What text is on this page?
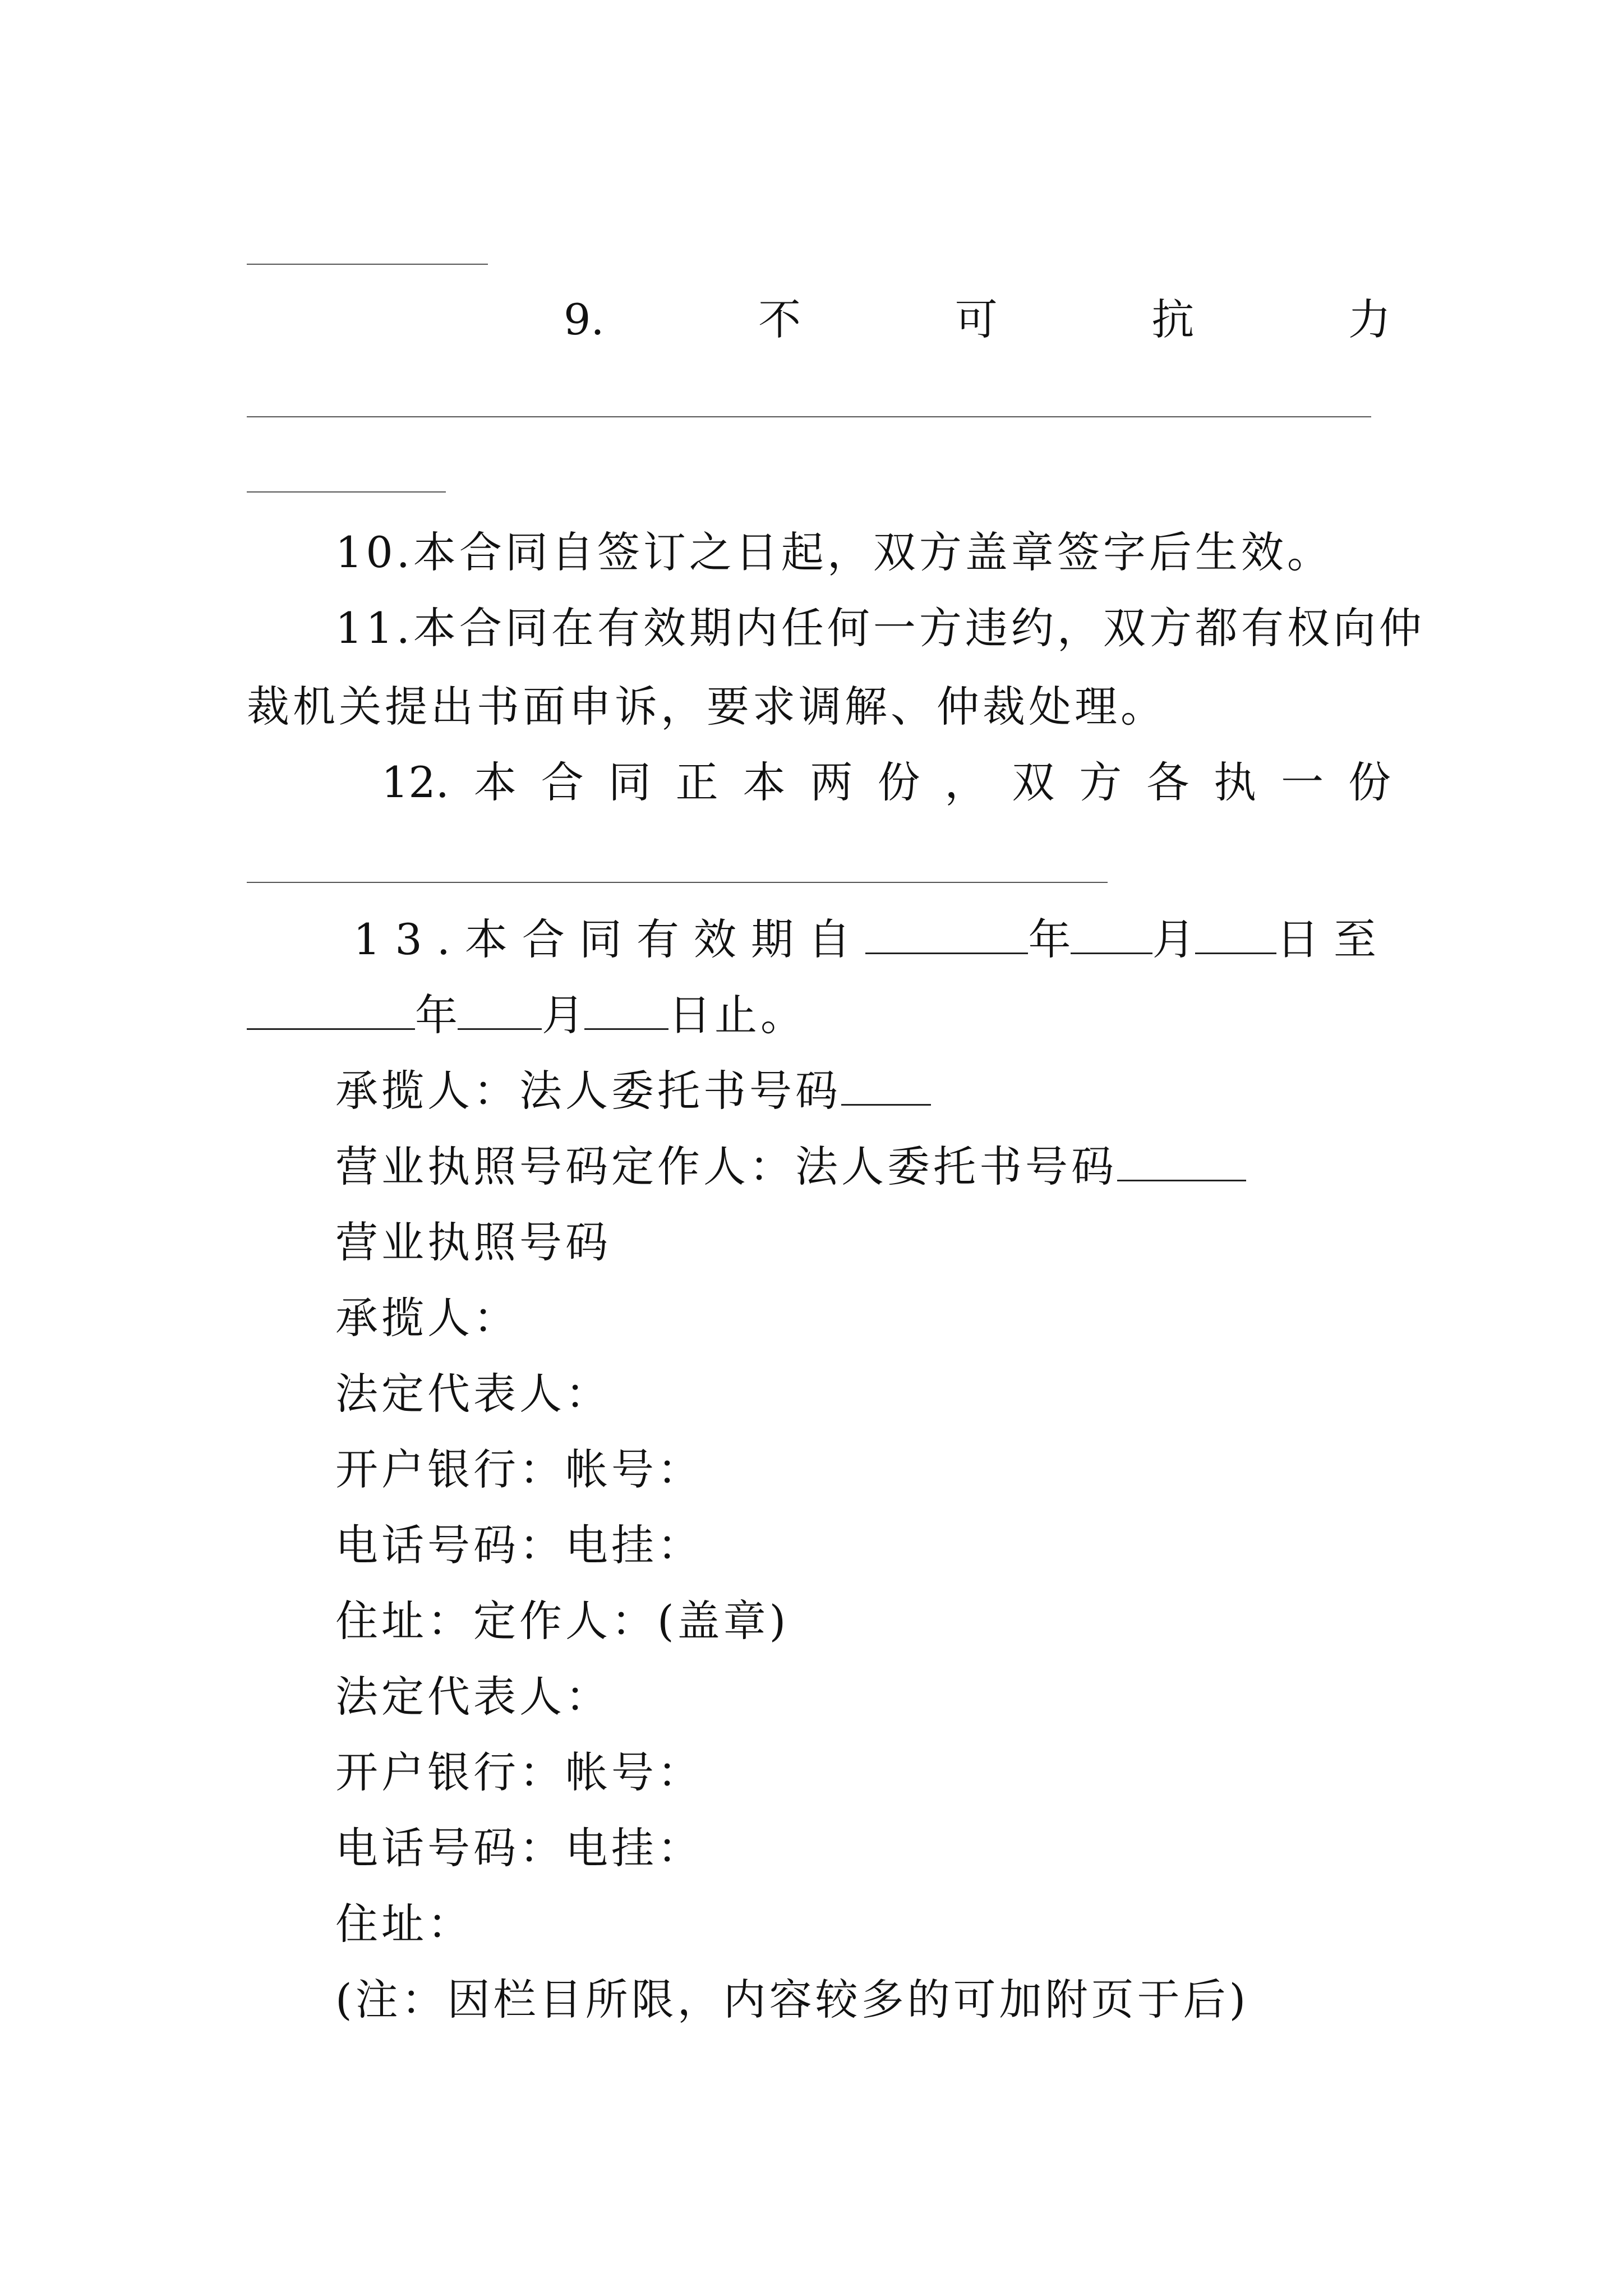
9.	不	可	抗	力
10.本合同自签订之日起，双方盖章签字后生效。
11.本合同在有效期内任何一方违约，双方都有权向仲
裁机关提出书面申诉，要求调解、仲裁处理。
12. 本 合 同 正 本 两 份 ， 双 方 各 执 一 份
13.本合同有效期自	年 月 日至
年 月 日止。
承揽人：法人委托书号码
营业执照号码定作人：法人委托书号码
营业执照号码
承揽人：
法定代表人：
开户银行：帐号：
电话号码：电挂：
住址：定作人：(盖章)
法定代表人：
开户银行：帐号：
电话号码：电挂：
住址：
(注：因栏目所限，内容较多的可加附页于后)
